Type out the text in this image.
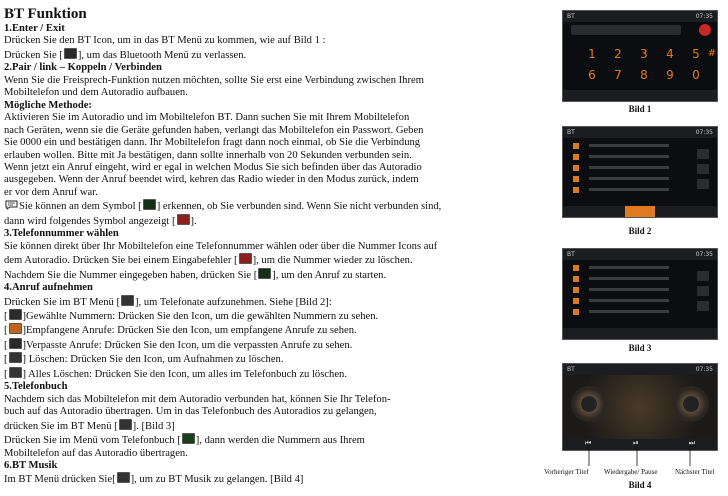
BT Funktion

1.Enter / Exit

Drücken Sie den BT Icon, um in das BT Menü zu kommen, wie auf Bild 1 :

Drücken Sie [ ], um das Bluetooth Menü zu verlassen.

2.Pair / link – Koppeln / Verbinden

Wenn Sie die Freisprech-Funktion nutzen möchten, sollte Sie erst eine Verbindung zwischen Ihrem

Mobiltelefon und dem Autoradio aufbauen.

Mögliche Methode:

Aktivieren Sie im Autoradio und im Mobiltelefon BT. Dann suchen Sie mit Ihrem Mobiltelefon

nach Geräten, wenn sie die Geräte gefunden haben, verlangt das Mobiltelefon ein Passwort. Geben

Sie 0000 ein und bestätigen dann. Ihr Mobiltelefon fragt dann noch einmal, ob Sie die Verbindung

erlauben wollen. Bitte mit Ja bestätigen, dann sollte innerhalb von 20 Sekunden verbunden sein.

Wenn jetzt ein Anruf eingeht, wird er egal in welchen Modus Sie sich befinden über das Autoradio

ausgegeben. Wenn der Anruf beendet wird, kehren das Radio wieder in den Modus zurück, indem

er vor dem Anruf war.

Sie können an dem Symbol [ ] erkennen, ob Sie verbunden sind. Wenn Sie nicht verbunden sind,

dann wird folgendes Symbol angezeigt [ ].

3.Telefonnummer wählen

Sie können direkt über Ihr Mobiltelefon eine Telefonnummer wählen oder über die Nummer Icons auf

dem Autoradio. Drücken Sie bei einem Eingabefehler [ ], um die Nummer wieder zu löschen.

Nachdem Sie die Nummer eingegeben haben, drücken Sie [ ], um den Anruf zu starten.

4.Anruf aufnehmen

Drücken Sie im BT Menü [ ], um Telefonate aufzunehmen. Siehe [Bild 2]:

[ ]Gewählte Nummern: Drücken Sie den Icon, um die gewählten Nummern zu sehen.

[ ]Empfangene Anrufe: Drücken Sie den Icon, um empfangene Anrufe zu sehen.

[ ]Verpasste Anrufe: Drücken Sie den Icon, um die verpassten Anrufe zu sehen.

[ ] Löschen: Drücken Sie den Icon, um Aufnahmen zu löschen.

[ ] Alles Löschen: Drücken Sie den Icon, um alles im Telefonbuch zu löschen.

5.Telefonbuch

Nachdem sich das Mobiltelefon mit dem Autoradio verbunden hat, können Sie Ihr Telefon-

buch auf das Autoradio übertragen. Um in das Telefonbuch des Autoradios zu gelangen,

drücken Sie im BT Menü [ ]. [Bild 3]

Drücken Sie im Menü vom Telefonbuch [ ], dann werden die Nummern aus Ihrem

Mobiltelefon auf das Autoradio übertragen.

6.BT Musik

Im BT Menü drücken Sie[ ], um zu BT Musik zu gelangen. [Bild 4]

BT	07:35
1	2	3	4	5
6	7	8	9	0
#
Bild 1
BT	07:35
Bild 2
BT	07:35
Bild 3
BT	07:35
⏮	⏯	⏭
Vorheriger Titel Wiedergabe/ Pause	Nächster Titel
Bild 4
